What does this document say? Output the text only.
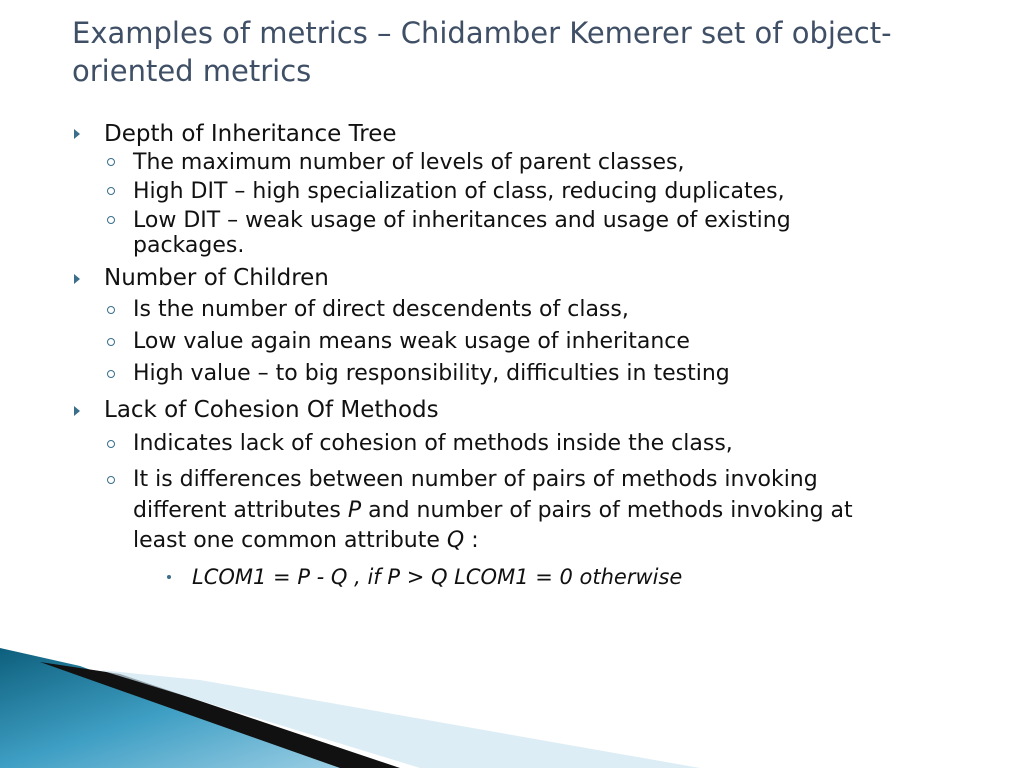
Examples of metrics – Chidamber Kemerer set of object-
oriented metrics
Depth of Inheritance Tree
The maximum number of levels of parent classes,
High DIT – high specialization of class, reducing duplicates,
Low DIT – weak usage of inheritances and usage of existing
packages.
Number of Children
Is the number of direct descendents of class,
Low value again means weak usage of inheritance
High value – to big responsibility, difficulties in testing
Lack of Cohesion Of Methods
Indicates lack of cohesion of methods inside the class,
It is differences between number of pairs of methods invoking
different attributes P and number of pairs of methods invoking at
least one common attribute Q :
LCOM1 = P - Q , if P > Q LCOM1 = 0 otherwise
